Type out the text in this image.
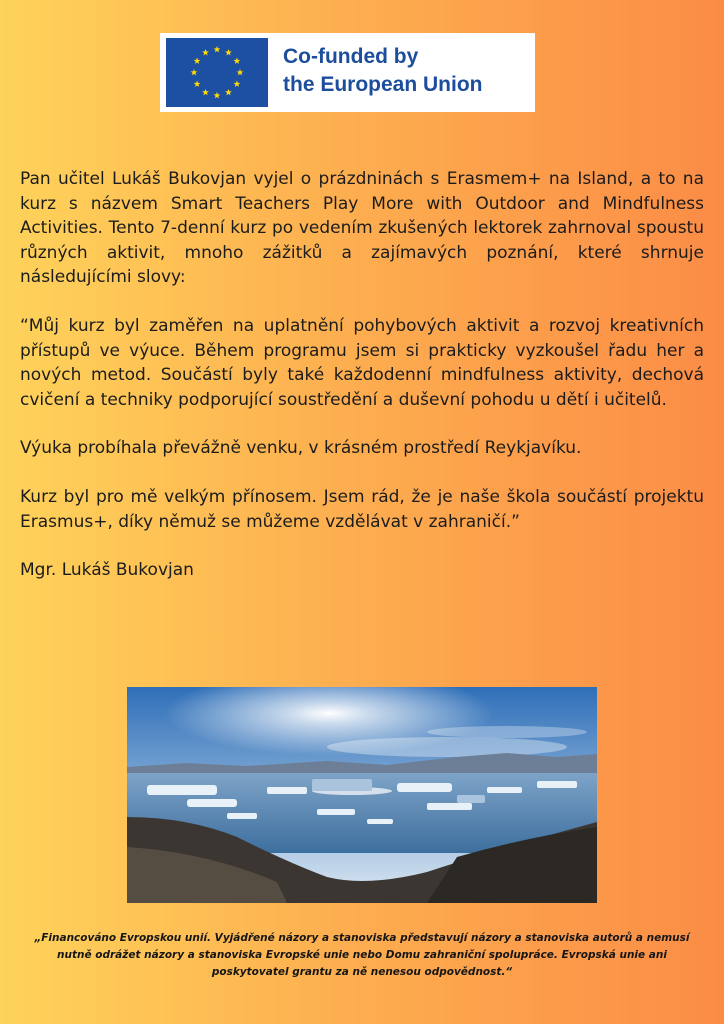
Co-funded by
the European Union

Pan učitel Lukáš Bukovjan vyjel o prázdninách s Erasmem+ na Island, a to na kurz s názvem Smart Teachers Play More with Outdoor and Mindfulness Activities. Tento 7-denní kurz po vedením zkušených lektorek zahrnoval spoustu různých aktivit, mnoho zážitků a zajímavých poznání, které shrnuje následujícími slovy:

“Můj kurz byl zaměřen na uplatnění pohybových aktivit a rozvoj kreativních přístupů ve výuce. Během programu jsem si prakticky vyzkoušel řadu her a nových metod. Součástí byly také každodenní mindfulness aktivity, dechová cvičení a techniky podporující soustředění a duševní pohodu u dětí i učitelů.

Výuka probíhala převážně venku, v krásném prostředí Reykjavíku.

Kurz byl pro mě velkým přínosem. Jsem rád, že je naše škola součástí projektu Erasmus+, díky němuž se můžeme vzdělávat v zahraničí.”

Mgr. Lukáš Bukovjan

„Financováno Evropskou unií. Vyjádřené názory a stanoviska představují názory a stanoviska autorů a nemusí nutně odrážet názory a stanoviska Evropské unie nebo Domu zahraniční spolupráce. Evropská unie ani poskytovatel grantu za ně nenesou odpovědnost.“
